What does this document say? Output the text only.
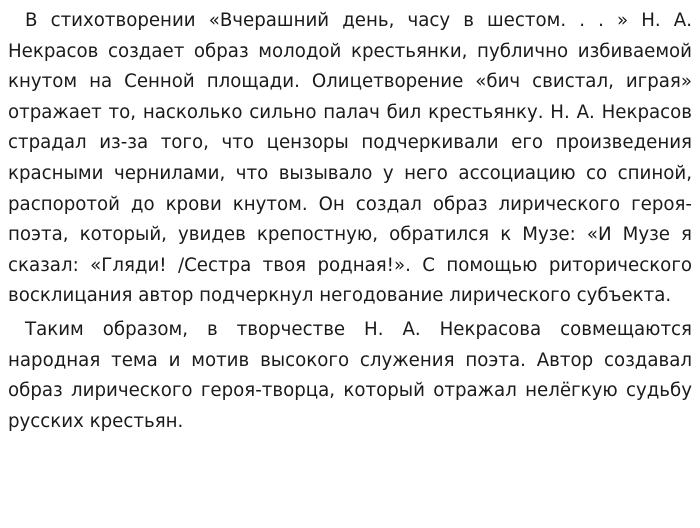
В стихотворении «Вчерашний день, часу в шестом. . . » Н. А. Некрасов создает образ молодой крестьянки, публично избиваемой кнутом на Сенной площади. Олицетворение «бич свистал, играя» отражает то, насколько сильно палач бил крестьянку. Н. А. Некрасов страдал из-за того, что цензоры подчеркивали его произведения красными чернилами, что вызывало у него ассоциацию со спиной, распоротой до крови кнутом. Он создал образ лирического героя-поэта, который, увидев крепостную, обратился к Музе: «И Музе я сказал: «Гляди! /Сестра твоя родная!». С помощью риторического восклицания автор подчеркнул негодование лирического субъекта.

Таким образом, в творчестве Н. А. Некрасова совмещаются народная тема и мотив высокого служения поэта. Автор создавал образ лирического героя-творца, который отражал нелёгкую судьбу русских крестьян.
